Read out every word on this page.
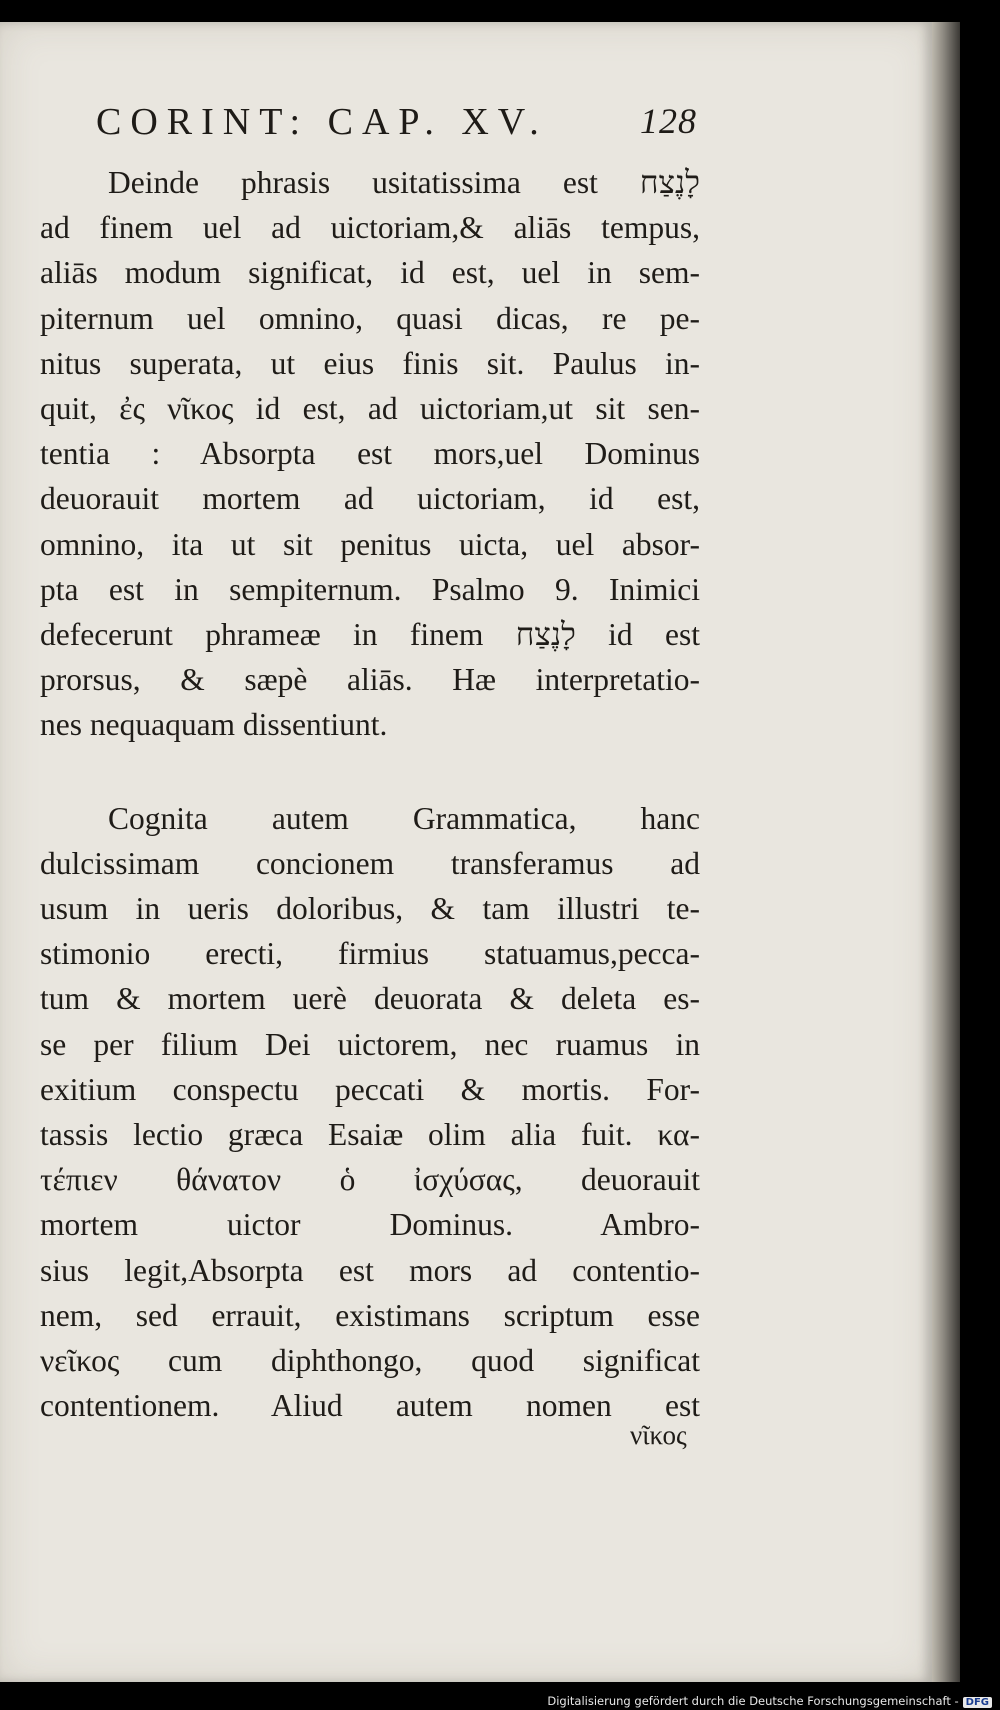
CORINT: CAP. XV.	128
Deinde phrasis usitatissima est לָנֶצַח
ad finem uel ad uictoriam,& aliās tempus,
aliās modum significat, id est, uel in sem-
piternum uel omnino, quasi dicas, re pe-
nitus superata, ut eius finis sit. Paulus in-
quit, ἐς νῖκος id est, ad uictoriam,ut sit sen-
tentia : Absorpta est mors,uel Dominus
deuorauit mortem ad uictoriam, id est,
omnino, ita ut sit penitus uicta, uel absor-
pta est in sempiternum. Psalmo 9. Inimici
defecerunt phrameæ in finem לָנֶצַח id est
prorsus, & sæpè aliās. Hæ interpretatio-
nes nequaquam dissentiunt.
Cognita autem Grammatica, hanc
dulcissimam concionem transferamus ad
usum in ueris doloribus, & tam illustri te-
stimonio erecti, firmius statuamus,pecca-
tum & mortem uerè deuorata & deleta es-
se per filium Dei uictorem, nec ruamus in
exitium conspectu peccati & mortis. For-
tassis lectio græca Esaiæ olim alia fuit. κα-
τέπιεν θάνατον ὁ ἰσχύσας, deuorauit
mortem uictor Dominus. Ambro-
sius legit,Absorpta est mors ad contentio-
nem, sed errauit, existimans scriptum esse
νεῖκος cum diphthongo, quod significat
contentionem. Aliud autem nomen est
νῖκος
Digitalisierung gefördert durch die Deutsche Forschungsgemeinschaft - DFG
